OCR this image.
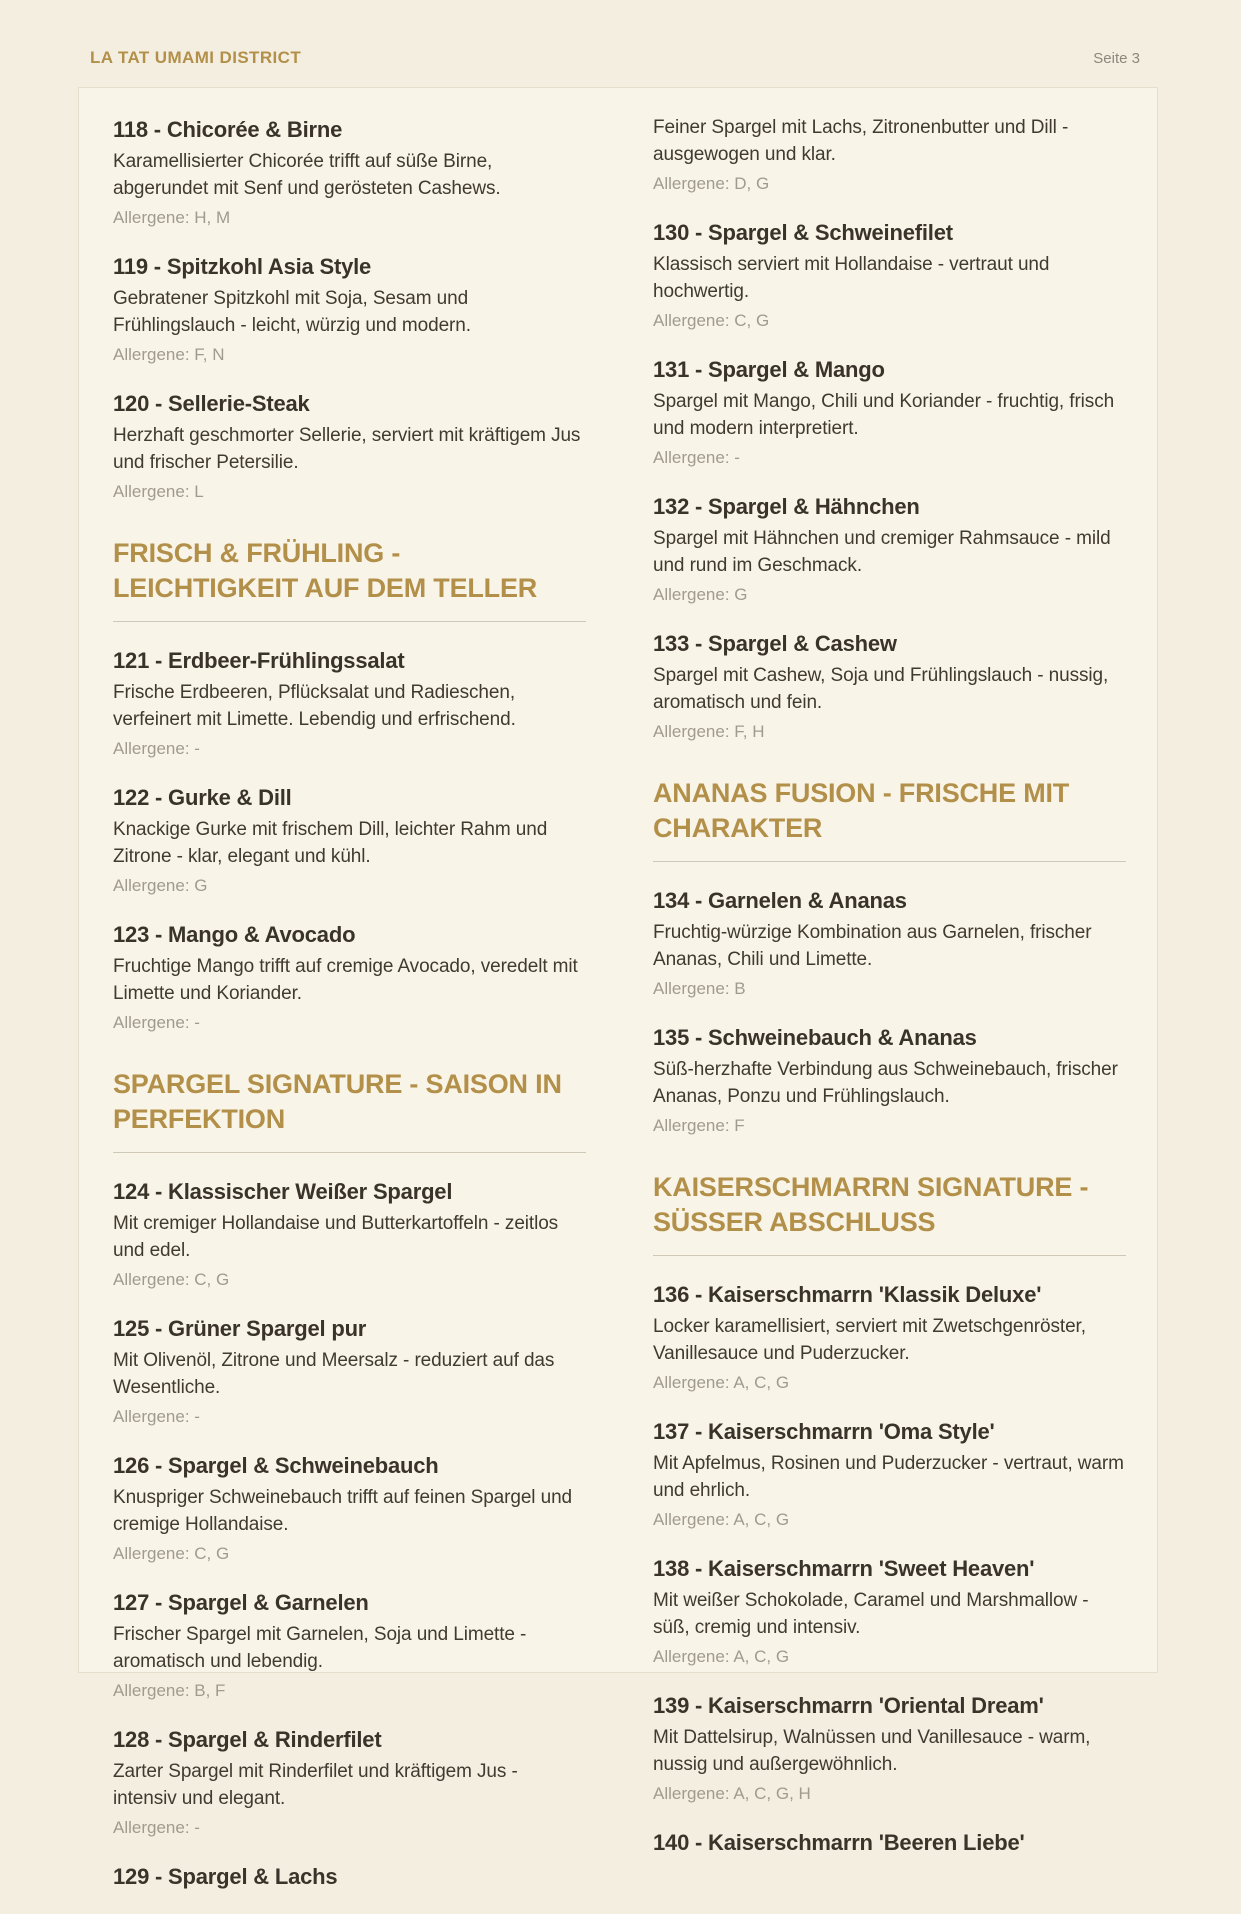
LA TAT UMAMI DISTRICT	Seite 3
118 - Chicorée & Birne

Karamellisierter Chicorée trifft auf süße Birne, abgerundet mit Senf und gerösteten Cashews.

Allergene: H, M

119 - Spitzkohl Asia Style

Gebratener Spitzkohl mit Soja, Sesam und Frühlingslauch - leicht, würzig und modern.

Allergene: F, N

120 - Sellerie-Steak

Herzhaft geschmorter Sellerie, serviert mit kräftigem Jus und frischer Petersilie.

Allergene: L

FRISCH & FRÜHLING - LEICHTIGKEIT AUF DEM TELLER
121 - Erdbeer-Frühlingssalat

Frische Erdbeeren, Pflücksalat und Radieschen, verfeinert mit Limette. Lebendig und erfrischend.

Allergene: -

122 - Gurke & Dill

Knackige Gurke mit frischem Dill, leichter Rahm und Zitrone - klar, elegant und kühl.

Allergene: G

123 - Mango & Avocado

Fruchtige Mango trifft auf cremige Avocado, veredelt mit Limette und Koriander.

Allergene: -

SPARGEL SIGNATURE - SAISON IN PERFEKTION
124 - Klassischer Weißer Spargel

Mit cremiger Hollandaise und Butterkartoffeln - zeitlos und edel.

Allergene: C, G

125 - Grüner Spargel pur

Mit Olivenöl, Zitrone und Meersalz - reduziert auf das Wesentliche.

Allergene: -

126 - Spargel & Schweinebauch

Knuspriger Schweinebauch trifft auf feinen Spargel und cremige Hollandaise.

Allergene: C, G

127 - Spargel & Garnelen

Frischer Spargel mit Garnelen, Soja und Limette - aromatisch und lebendig.

Allergene: B, F

128 - Spargel & Rinderfilet

Zarter Spargel mit Rinderfilet und kräftigem Jus - intensiv und elegant.

Allergene: -

129 - Spargel & Lachs

Feiner Spargel mit Lachs, Zitronenbutter und Dill - ausgewogen und klar.

Allergene: D, G

130 - Spargel & Schweinefilet

Klassisch serviert mit Hollandaise - vertraut und hochwertig.

Allergene: C, G

131 - Spargel & Mango

Spargel mit Mango, Chili und Koriander - fruchtig, frisch und modern interpretiert.

Allergene: -

132 - Spargel & Hähnchen

Spargel mit Hähnchen und cremiger Rahmsauce - mild und rund im Geschmack.

Allergene: G

133 - Spargel & Cashew

Spargel mit Cashew, Soja und Frühlingslauch - nussig, aromatisch und fein.

Allergene: F, H

ANANAS FUSION - FRISCHE MIT CHARAKTER
134 - Garnelen & Ananas

Fruchtig-würzige Kombination aus Garnelen, frischer Ananas, Chili und Limette.

Allergene: B

135 - Schweinebauch & Ananas

Süß-herzhafte Verbindung aus Schweinebauch, frischer Ananas, Ponzu und Frühlingslauch.

Allergene: F

KAISERSCHMARRN SIGNATURE - SÜSSER ABSCHLUSS
136 - Kaiserschmarrn 'Klassik Deluxe'

Locker karamellisiert, serviert mit Zwetschgenröster, Vanillesauce und Puderzucker.

Allergene: A, C, G

137 - Kaiserschmarrn 'Oma Style'

Mit Apfelmus, Rosinen und Puderzucker - vertraut, warm und ehrlich.

Allergene: A, C, G

138 - Kaiserschmarrn 'Sweet Heaven'

Mit weißer Schokolade, Caramel und Marshmallow - süß, cremig und intensiv.

Allergene: A, C, G

139 - Kaiserschmarrn 'Oriental Dream'

Mit Dattelsirup, Walnüssen und Vanillesauce - warm, nussig und außergewöhnlich.

Allergene: A, C, G, H

140 - Kaiserschmarrn 'Beeren Liebe'
